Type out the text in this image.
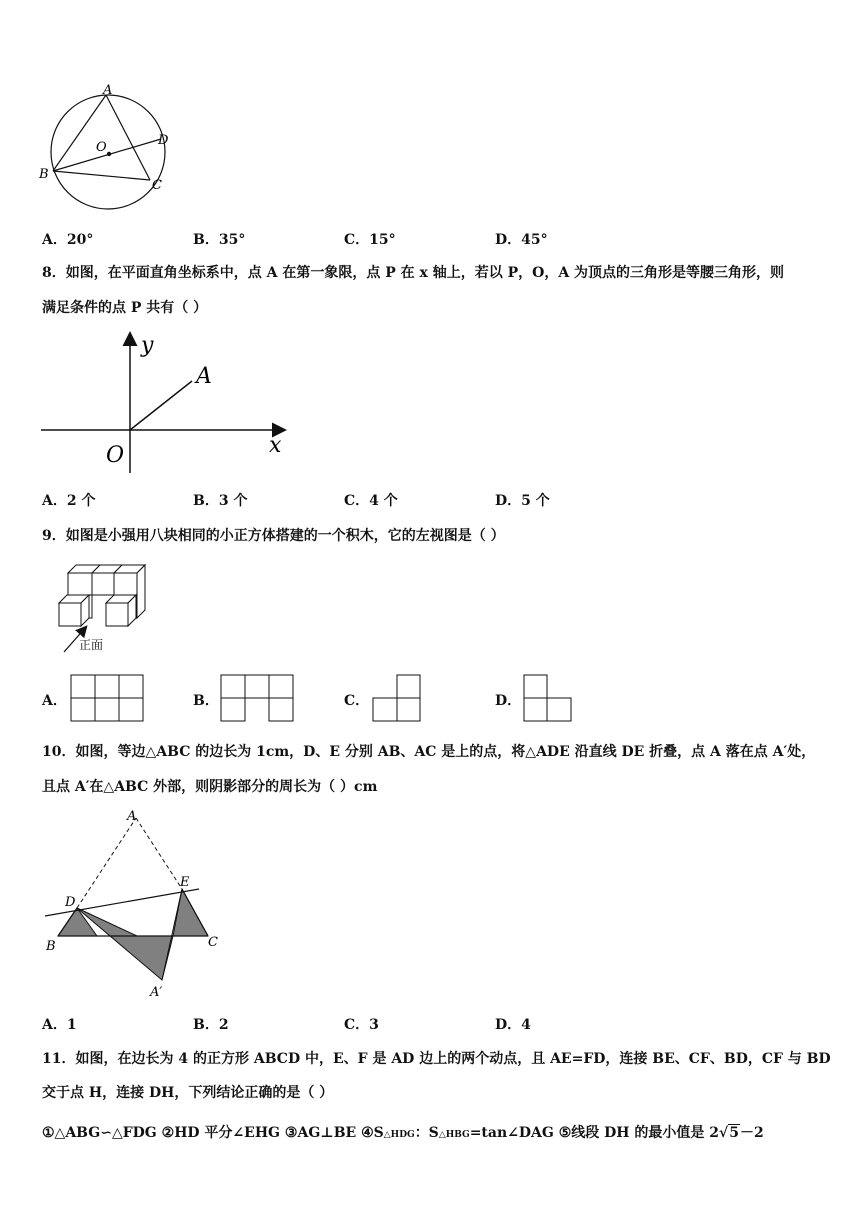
A
B
C
D
O
A．20°	B．35°	C．15°	D．45°
8．如图，在平面直角坐标系中，点 A 在第一象限，点 P 在 x 轴上，若以 P，O，A 为顶点的三角形是等腰三角形，则
满足条件的点 P 共有（ ）
y
A
O	x
A．2 个	B．3 个	C．4 个	D．5 个
9．如图是小强用八块相同的小正方体搭建的一个积木，它的左视图是（ ）
正面
A．	B．	C．	D．
10．如图，等边△ABC 的边长为 1cm，D、E 分别 AB、AC 是上的点，将△ADE 沿直线 DE 折叠，点 A 落在点 A′处，
且点 A′在△ABC 外部，则阴影部分的周长为（ ）cm
A
D
E
B	C
A′
A．1	B．2	C．3	D．4
11．如图，在边长为 4 的正方形 ABCD 中，E、F 是 AD 边上的两个动点，且 AE=FD，连接 BE、CF、BD，CF 与 BD
交于点 H，连接 DH，下列结论正确的是（ ）
①△ABG∽△FDG ②HD 平分∠EHG ③AG⊥BE ④S△HDG：S△HBG=tan∠DAG ⑤线段 DH 的最小值是 2√5－2
